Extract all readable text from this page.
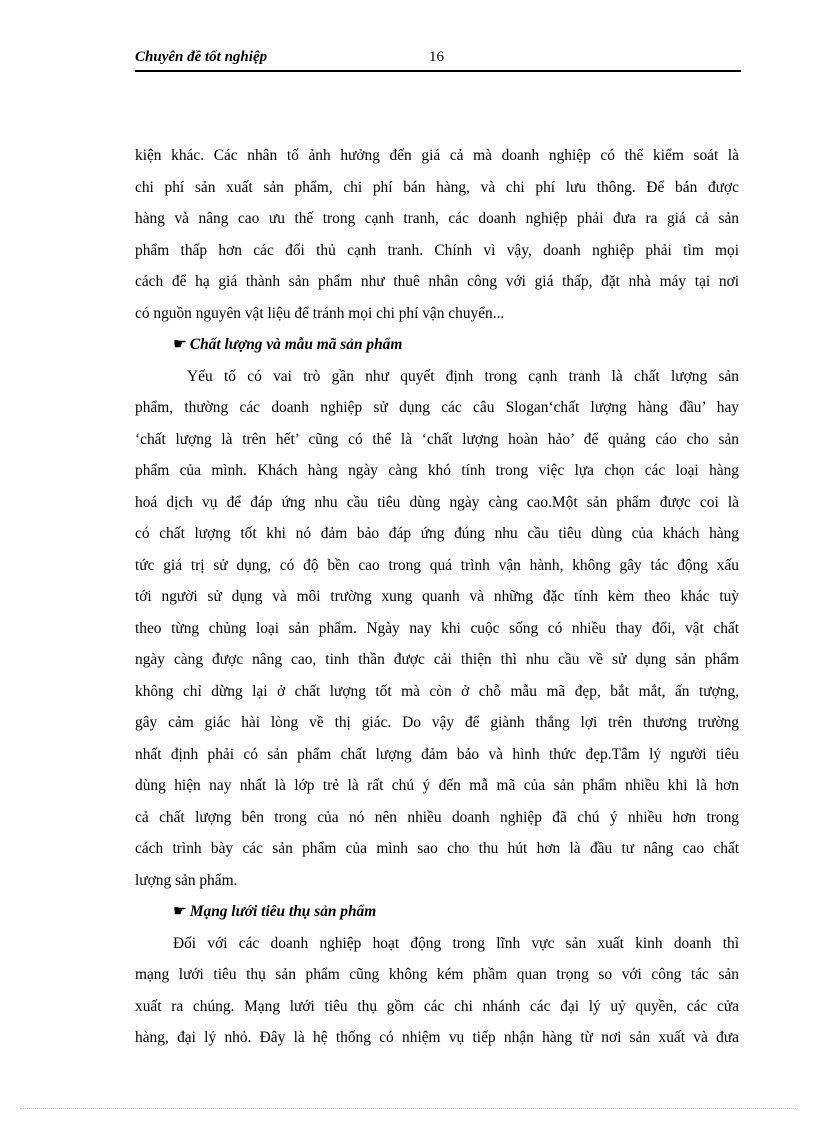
Chuyên đề tốt nghiệp	16
kiện khác. Các nhân tố ảnh hưởng đến giá cả mà doanh nghiệp có thể kiểm soát là
chi phí sản xuất sản phẩm, chi phí bán hàng, và chi phí lưu thông. Để bán được
hàng và nâng cao ưu thế trong cạnh tranh, các doanh nghiệp phải đưa ra giá cả sản
phẩm thấp hơn các đối thủ cạnh tranh. Chính vì vậy, doanh nghiệp phải tìm mọi
cách để hạ giá thành sản phẩm như thuê nhân công với giá thấp, đặt nhà máy tại nơi
có nguồn nguyên vật liệu để tránh mọi chi phí vận chuyển...
☛ Chất lượng và mẫu mã sản phẩm
Yếu tố có vai trò gần như quyết định trong cạnh tranh là chất lượng sản
phẩm, thường các doanh nghiệp sử dụng các câu Slogan‘chất lượng hàng đầu’ hay
‘chất lượng là trên hết’ cũng có thể là ‘chất lượng hoàn hảo’ để quảng cáo cho sản
phẩm của mình. Khách hàng ngày càng khó tính trong việc lựa chọn các loại hàng
hoá dịch vụ để đáp ứng nhu cầu tiêu dùng ngày càng cao.Một sản phẩm được coi là
có chất lượng tốt khi nó đảm bảo đáp ứng đúng nhu cầu tiêu dùng của khách hàng
tức giá trị sử dụng, có độ bền cao trong quá trình vận hành, không gây tác động xấu
tới người sử dụng và môi trường xung quanh và những đặc tính kèm theo khác tuỳ
theo từng chủng loại sản phẩm. Ngày nay khi cuộc sống có nhiều thay đổi, vật chất
ngày càng được nâng cao, tinh thần được cải thiện thì nhu cầu về sử dụng sản phẩm
không chỉ dừng lại ở chất lượng tốt mà còn ở chỗ mẫu mã đẹp, bắt mắt, ấn tượng,
gây cảm giác hài lòng về thị giác. Do vậy để giành thắng lợi trên thương trường
nhất định phải có sản phẩm chất lượng đảm bảo và hình thức đẹp.Tâm lý người tiêu
dùng hiện nay nhất là lớp trẻ là rất chú ý đến mẫ mã của sản phẩm nhiều khi là hơn
cả chất lượng bên trong của nó nên nhiều doanh nghiệp đã chú ý nhiều hơn trong
cách trình bày các sản phẩm của mình sao cho thu hút hơn là đầu tư nâng cao chất
lượng sản phẩm.
☛ Mạng lưới tiêu thụ sản phẩm
Đối với các doanh nghiệp hoạt động trong lĩnh vực sản xuất kinh doanh thì
mạng lưới tiêu thụ sản phẩm cũng không kém phầm quan trọng so với công tác sản
xuất ra chúng. Mạng lưới tiêu thụ gồm các chi nhánh các đại lý uỷ quyền, các cửa
hàng, đại lý nhỏ. Đây là hệ thống có nhiệm vụ tiếp nhận hàng từ nơi sản xuất và đưa
